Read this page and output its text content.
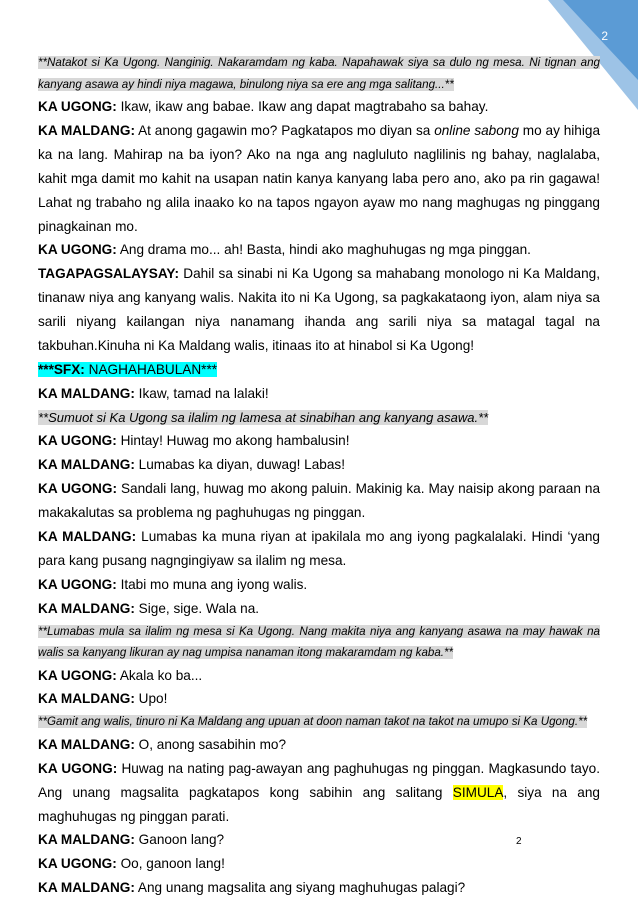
2

**Natakot si Ka Ugong. Nanginig. Nakaramdam ng kaba. Napahawak siya sa dulo ng mesa. Ni tignan ang kanyang asawa ay hindi niya magawa, binulong niya sa ere ang mga salitang...**

KA UGONG: Ikaw, ikaw ang babae. Ikaw ang dapat magtrabaho sa bahay.

KA MALDANG: At anong gagawin mo? Pagkatapos mo diyan sa online sabong mo ay hihiga ka na lang. Mahirap na ba iyon? Ako na nga ang nagluluto naglilinis ng bahay, naglalaba, kahit mga damit mo kahit na usapan natin kanya kanyang laba pero ano, ako pa rin gagawa! Lahat ng trabaho ng alila inaako ko na tapos ngayon ayaw mo nang maghugas ng pinggang pinagkainan mo.

KA UGONG: Ang drama mo... ah! Basta, hindi ako maghuhugas ng mga pinggan.

TAGAPAGSALAYSAY: Dahil sa sinabi ni Ka Ugong sa mahabang monologo ni Ka Maldang, tinanaw niya ang kanyang walis. Nakita ito ni Ka Ugong, sa pagkakataong iyon, alam niya sa sarili niyang kailangan niya nanamang ihanda ang sarili niya sa matagal tagal na takbuhan.Kinuha ni Ka Maldang walis, itinaas ito at hinabol si Ka Ugong!

***SFX: NAGHAHABULAN***

KA MALDANG: Ikaw, tamad na lalaki!

**Sumuot si Ka Ugong sa ilalim ng lamesa at sinabihan ang kanyang asawa.**

KA UGONG: Hintay! Huwag mo akong hambalusin!

KA MALDANG: Lumabas ka diyan, duwag! Labas!

KA UGONG: Sandali lang, huwag mo akong paluin. Makinig ka. May naisip akong paraan na makakalutas sa problema ng paghuhugas ng pinggan.

KA MALDANG: Lumabas ka muna riyan at ipakilala mo ang iyong pagkalalaki. Hindi ‘yang para kang pusang nagngingiyaw sa ilalim ng mesa.

KA UGONG: Itabi mo muna ang iyong walis.

KA MALDANG: Sige, sige. Wala na.

**Lumabas mula sa ilalim ng mesa si Ka Ugong. Nang makita niya ang kanyang asawa na may hawak na walis sa kanyang likuran ay nag umpisa nanaman itong makaramdam ng kaba.**

KA UGONG: Akala ko ba...

KA MALDANG: Upo!

**Gamit ang walis, tinuro ni Ka Maldang ang upuan at doon naman takot na takot na umupo si Ka Ugong.**

KA MALDANG: O, anong sasabihin mo?

KA UGONG: Huwag na nating pag-awayan ang paghuhugas ng pinggan. Magkasundo tayo. Ang unang magsalita pagkatapos kong sabihin ang salitang SIMULA, siya na ang maghuhugas ng pinggan parati.

KA MALDANG: Ganoon lang?

KA UGONG: Oo, ganoon lang!

KA MALDANG: Ang unang magsalita ang siyang maghuhugas palagi?

2
